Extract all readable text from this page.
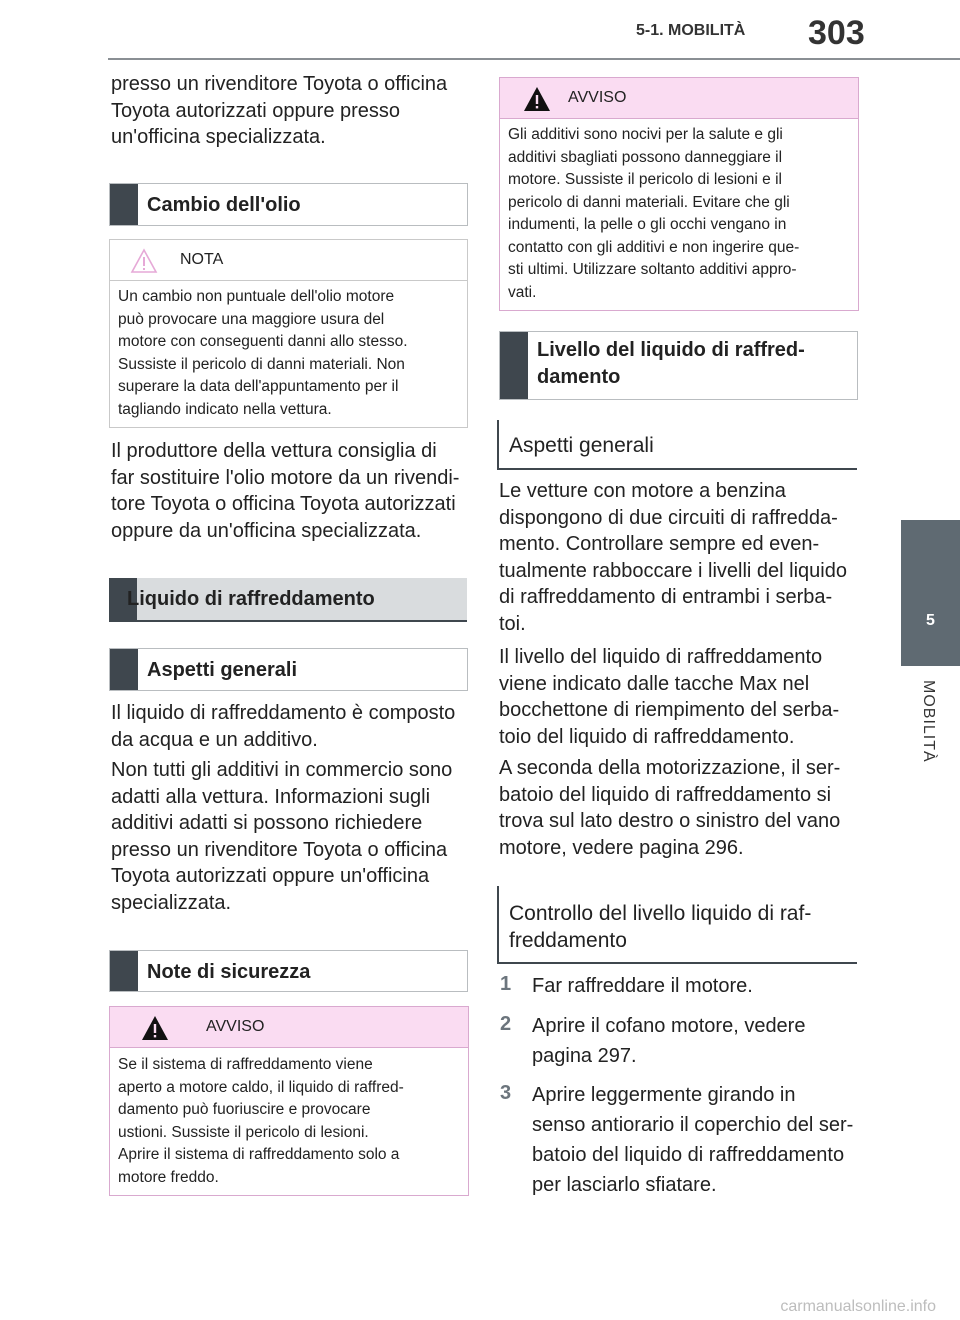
5-1. MOBILITÀ 303
5
MOBILITÀ
presso un rivenditore Toyota o officina
Toyota autorizzati oppure presso
un'officina specializzata.
Cambio dell'olio
NOTA
Un cambio non puntuale dell'olio motore
può provocare una maggiore usura del
motore con conseguenti danni allo stesso.
Sussiste il pericolo di danni materiali. Non
superare la data dell'appuntamento per il
tagliando indicato nella vettura.
Il produttore della vettura consiglia di
far sostituire l'olio motore da un rivendi-
tore Toyota o officina Toyota autorizzati
oppure da un'officina specializzata.
Liquido di raffreddamento
Aspetti generali
Il liquido di raffreddamento è composto
da acqua e un additivo.
Non tutti gli additivi in commercio sono
adatti alla vettura. Informazioni sugli
additivi adatti si possono richiedere
presso un rivenditore Toyota o officina
Toyota autorizzati oppure un'officina
specializzata.
Note di sicurezza
AVVISO
Se il sistema di raffreddamento viene
aperto a motore caldo, il liquido di raffred-
damento può fuoriuscire e provocare
ustioni. Sussiste il pericolo di lesioni.
Aprire il sistema di raffreddamento solo a
motore freddo.
AVVISO
Gli additivi sono nocivi per la salute e gli
additivi sbagliati possono danneggiare il
motore. Sussiste il pericolo di lesioni e il
pericolo di danni materiali. Evitare che gli
indumenti, la pelle o gli occhi vengano in
contatto con gli additivi e non ingerire que-
sti ultimi. Utilizzare soltanto additivi appro-
vati.
Livello del liquido di raffred-
damento
Aspetti generali
Le vetture con motore a benzina
dispongono di due circuiti di raffredda-
mento. Controllare sempre ed even-
tualmente rabboccare i livelli del liquido
di raffreddamento di entrambi i serba-
toi.
Il livello del liquido di raffreddamento
viene indicato dalle tacche Max nel
bocchettone di riempimento del serba-
toio del liquido di raffreddamento.
A seconda della motorizzazione, il ser-
batoio del liquido di raffreddamento si
trova sul lato destro o sinistro del vano
motore, vedere pagina 296.
Controllo del livello liquido di raf-
freddamento
1 Far raffreddare il motore.
2 Aprire il cofano motore, vedere
pagina 297.
3 Aprire leggermente girando in
senso antiorario il coperchio del ser-
batoio del liquido di raffreddamento
per lasciarlo sfiatare.
carmanualsonline.info
